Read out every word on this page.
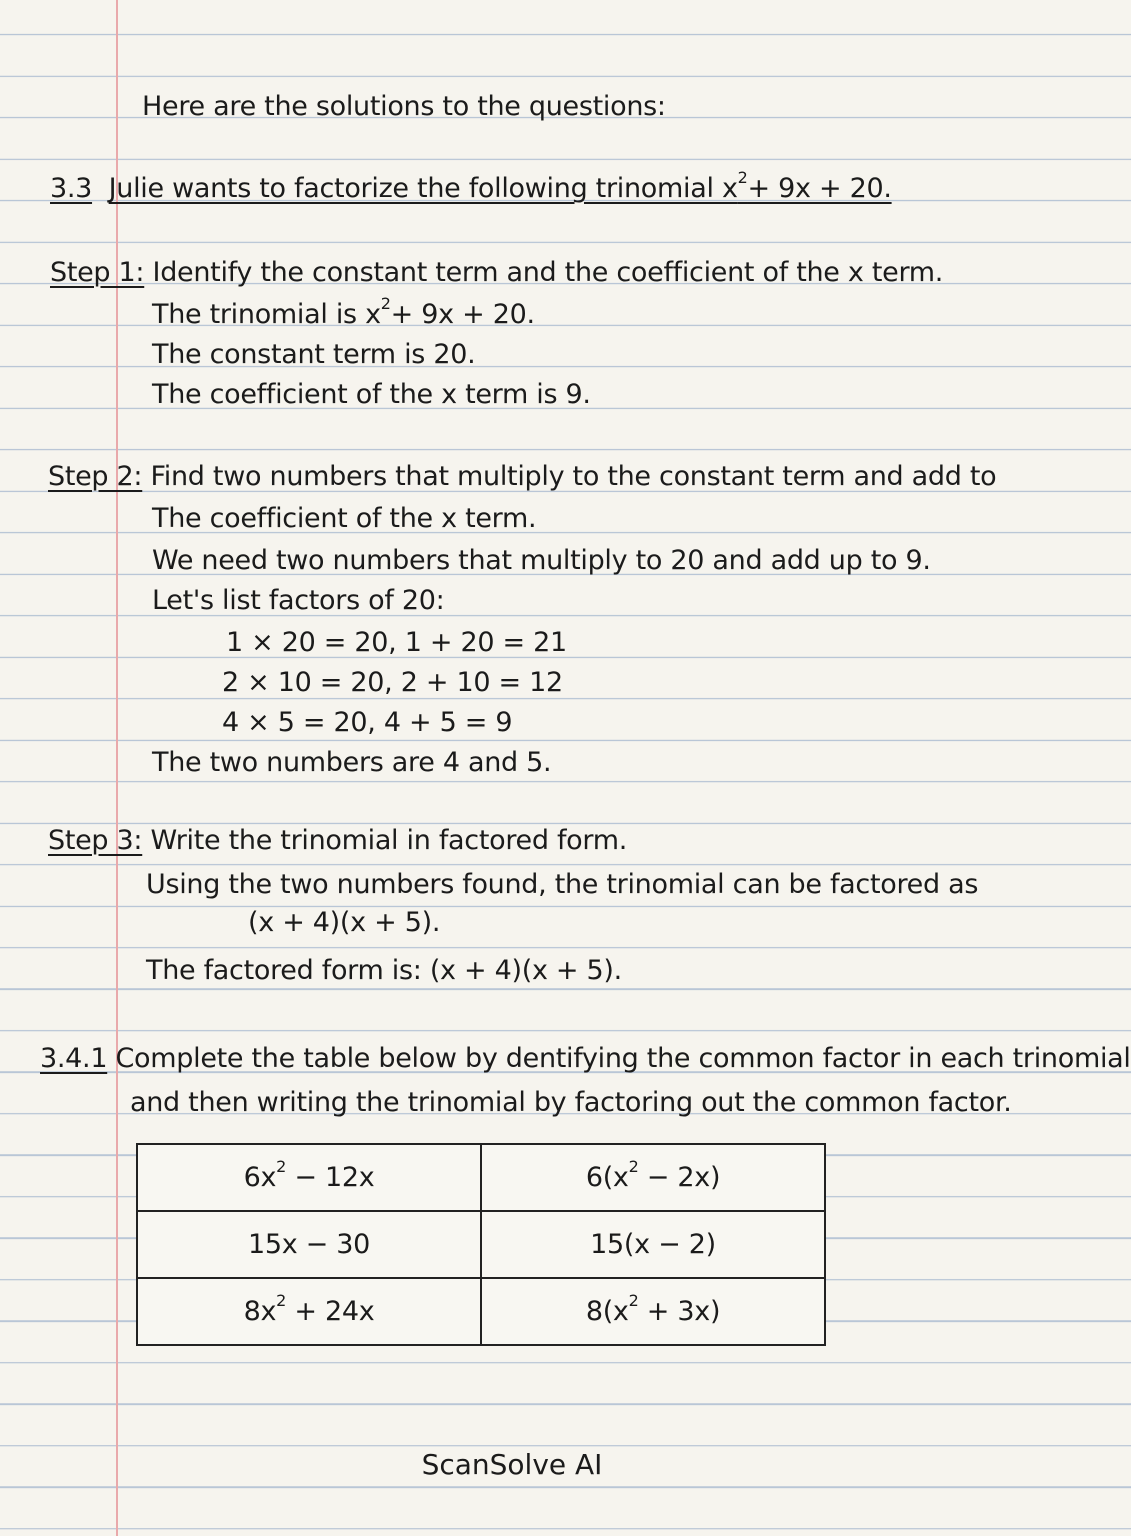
Here are the solutions to the questions:
3.3 Julie wants to factorize the following trinomial $x^2+ 9x + 20$.
Step 1: Identify the constant term and the coefficient of the x term.
The trinomial is $x^2+ 9x + 20$.
The constant term is 20.
The coefficient of the x term is 9.
Step 2: Find two numbers that multiply to the constant term and add to
The coefficient of the x term.
We need two numbers that multiply to 20 and add up to 9.
Let's list factors of 20:
1 × 20 = 20, 1 + 20 = 21
2 × 10 = 20, 2 + 10 = 12
4 × 5 = 20, 4 + 5 = 9
The two numbers are 4 and 5.
Step 3: Write the trinomial in factored form.
Using the two numbers found, the trinomial can be factored as
(x + 4)(x + 5).
The factored form is: (x + 4)(x + 5).
3.4.1 Complete the table below by dentifying the common factor in each trinomial
and then writing the trinomial by factoring out the common factor.
$6x^2 - 12x$	$6(x^2 - 2x)$
15x − 30	15(x − 2)
$8x^2 + 24x$	$8(x^2 + 3x)$
ScanSolve AI
